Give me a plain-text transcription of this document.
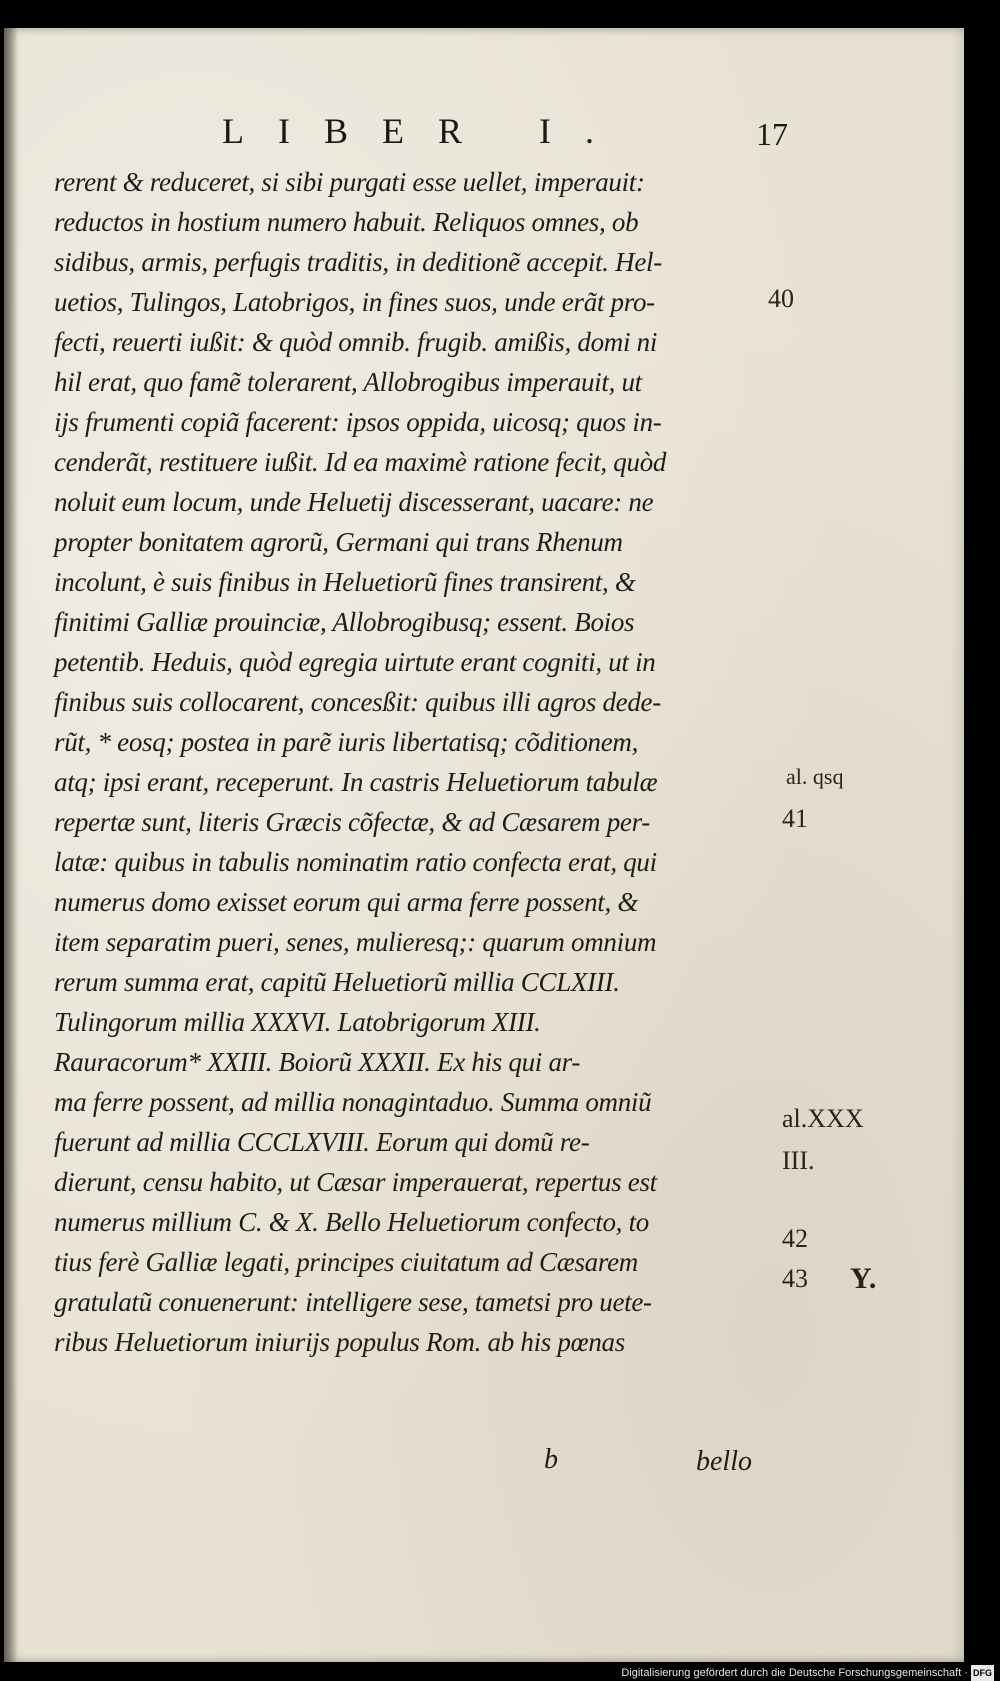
LIBER I.	17
rerent & reduceret, si sibi purgati esse uellet, imperauit:
reductos in hostium numero habuit. Reliquos omnes, ob
sidibus, armis, perfugis traditis, in deditionẽ accepit. Hel-
uetios, Tulingos, Latobrigos, in fines suos, unde erãt pro-
fecti, reuerti iußit: & quòd omnib. frugib. amißis, domi ni
hil erat, quo famẽ tolerarent, Allobrogibus imperauit, ut
ijs frumenti copiã facerent: ipsos oppida, uicosq; quos in-
cenderãt, restituere iußit. Id ea maximè ratione fecit, quòd
noluit eum locum, unde Heluetij discesserant, uacare: ne
propter bonitatem agrorũ, Germani qui trans Rhenum
incolunt, è suis finibus in Heluetiorũ fines transirent, &
finitimi Galliæ prouinciæ, Allobrogibusq; essent. Boios
petentib. Heduis, quòd egregia uirtute erant cogniti, ut in
finibus suis collocarent, concesßit: quibus illi agros dede-
rũt, * eosq; postea in parẽ iuris libertatisq; cõditionem,
atq; ipsi erant, receperunt. In castris Heluetiorum tabulæ
repertæ sunt, literis Græcis cõfectæ, & ad Cæsarem per-
latæ: quibus in tabulis nominatim ratio confecta erat, qui
numerus domo exisset eorum qui arma ferre possent, &
item separatim pueri, senes, mulieresq;: quarum omnium
rerum summa erat, capitũ Heluetiorũ millia CCLXIII.
Tulingorum millia XXXVI. Latobrigorum XIII.
Rauracorum* XXIII. Boiorũ XXXII. Ex his qui ar-
ma ferre possent, ad millia nonagintaduo. Summa omniũ
fuerunt ad millia CCCLXVIII. Eorum qui domũ re-
dierunt, censu habito, ut Cæsar imperauerat, repertus est
numerus millium C. & X. Bello Heluetiorum confecto, to
tius ferè Galliæ legati, principes ciuitatum ad Cæsarem
gratulatũ conuenerunt: intelligere sese, tametsi pro uete-
ribus Heluetiorum iniurijs populus Rom. ab his pœnas
40
al. qsq
41
al.XXX
III.
42
43 Y.
b	bello
Digitalisierung gefördert durch die Deutsche Forschungsgemeinschaft · DFG
